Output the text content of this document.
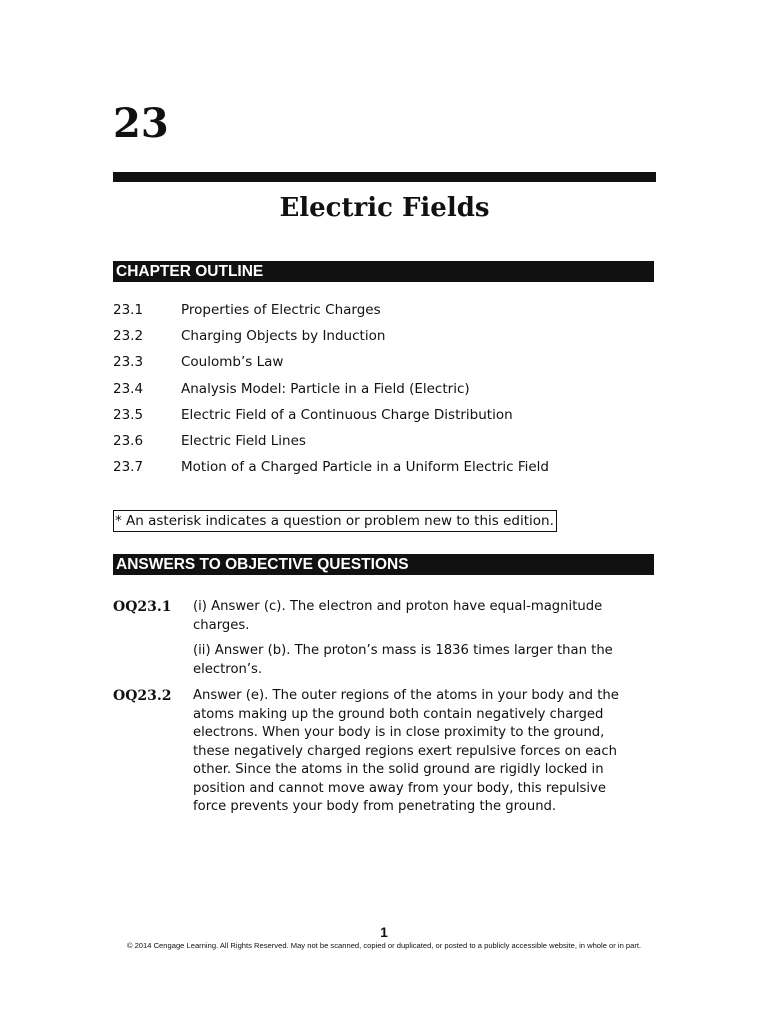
23
Electric Fields
CHAPTER OUTLINE
23.1	Properties of Electric Charges
23.2	Charging Objects by Induction
23.3	Coulomb’s Law
23.4	Analysis Model: Particle in a Field (Electric)
23.5	Electric Field of a Continuous Charge Distribution
23.6	Electric Field Lines
23.7	Motion of a Charged Particle in a Uniform Electric Field
* An asterisk indicates a question or problem new to this edition.
ANSWERS TO OBJECTIVE QUESTIONS
OQ23.1 (i) Answer (c). The electron and proton have equal-magnitude charges.

(ii) Answer (b). The proton’s mass is 1836 times larger than the electron’s.

OQ23.2 Answer (e). The outer regions of the atoms in your body and the atoms making up the ground both contain negatively charged electrons. When your body is in close proximity to the ground, these negatively charged regions exert repulsive forces on each other. Since the atoms in the solid ground are rigidly locked in position and cannot move away from your body, this repulsive force prevents your body from penetrating the ground.

1
© 2014 Cengage Learning. All Rights Reserved. May not be scanned, copied or duplicated, or posted to a publicly accessible website, in whole or in part.
